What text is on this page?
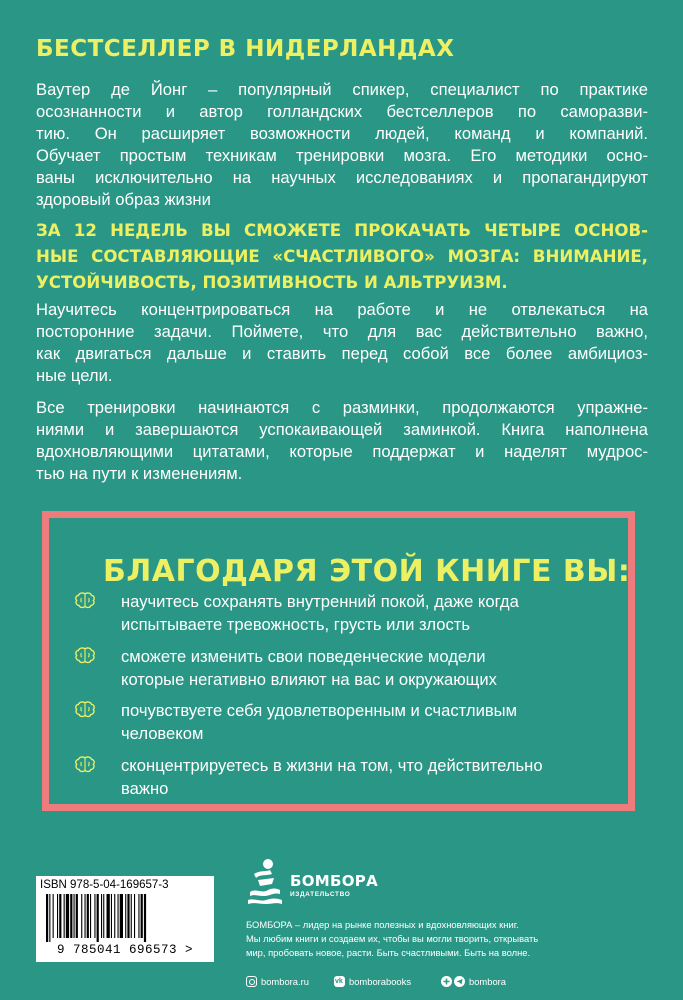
БЕСТСЕЛЛЕР В НИДЕРЛАНДАХ
Ваутер де Йонг – популярный спикер, специалист по практике
осознанности и автор голландских бестселлеров по саморазви-
тию. Он расширяет возможности людей, команд и компаний.
Обучает простым техникам тренировки мозга. Его методики осно-
ваны исключительно на научных исследованиях и пропагандируют
здоровый образ жизни
ЗА 12 НЕДЕЛЬ ВЫ СМОЖЕТЕ ПРОКАЧАТЬ ЧЕТЫРЕ ОСНОВ-
НЫЕ СОСТАВЛЯЮЩИЕ «СЧАСТЛИВОГО» МОЗГА: ВНИМАНИЕ,
УСТОЙЧИВОСТЬ, ПОЗИТИВНОСТЬ И АЛЬТРУИЗМ.
Научитесь концентрироваться на работе и не отвлекаться на
посторонние задачи. Поймете, что для вас действительно важно,
как двигаться дальше и ставить перед собой все более амбициоз-
ные цели.
Все тренировки начинаются с разминки, продолжаются упражне-
ниями и завершаются успокаивающей заминкой. Книга наполнена
вдохновляющими цитатами, которые поддержат и наделят мудрос-
тью на пути к изменениям.
БЛАГОДАРЯ ЭТОЙ КНИГЕ ВЫ:
научитесь сохранять внутренний покой, даже когда
испытываете тревожность, грусть или злость
сможете изменить свои поведенческие модели
которые негативно влияют на вас и окружающих
почувствуете себя удовлетворенным и счастливым
человеком
сконцентрируетесь в жизни на том, что действительно
важно
ISBN 978-5-04-169657-3
9 785041 696573 >
БОМБОРА
ИЗДАТЕЛЬСТВО
БОМБОРА – лидер на рынке полезных и вдохновляющих книг.
Мы любим книги и создаем их, чтобы вы могли творить, открывать
мир, пробовать новое, расти. Быть счастливыми. Быть на волне.
bombora.ru	vk bomborabooks	bombora
